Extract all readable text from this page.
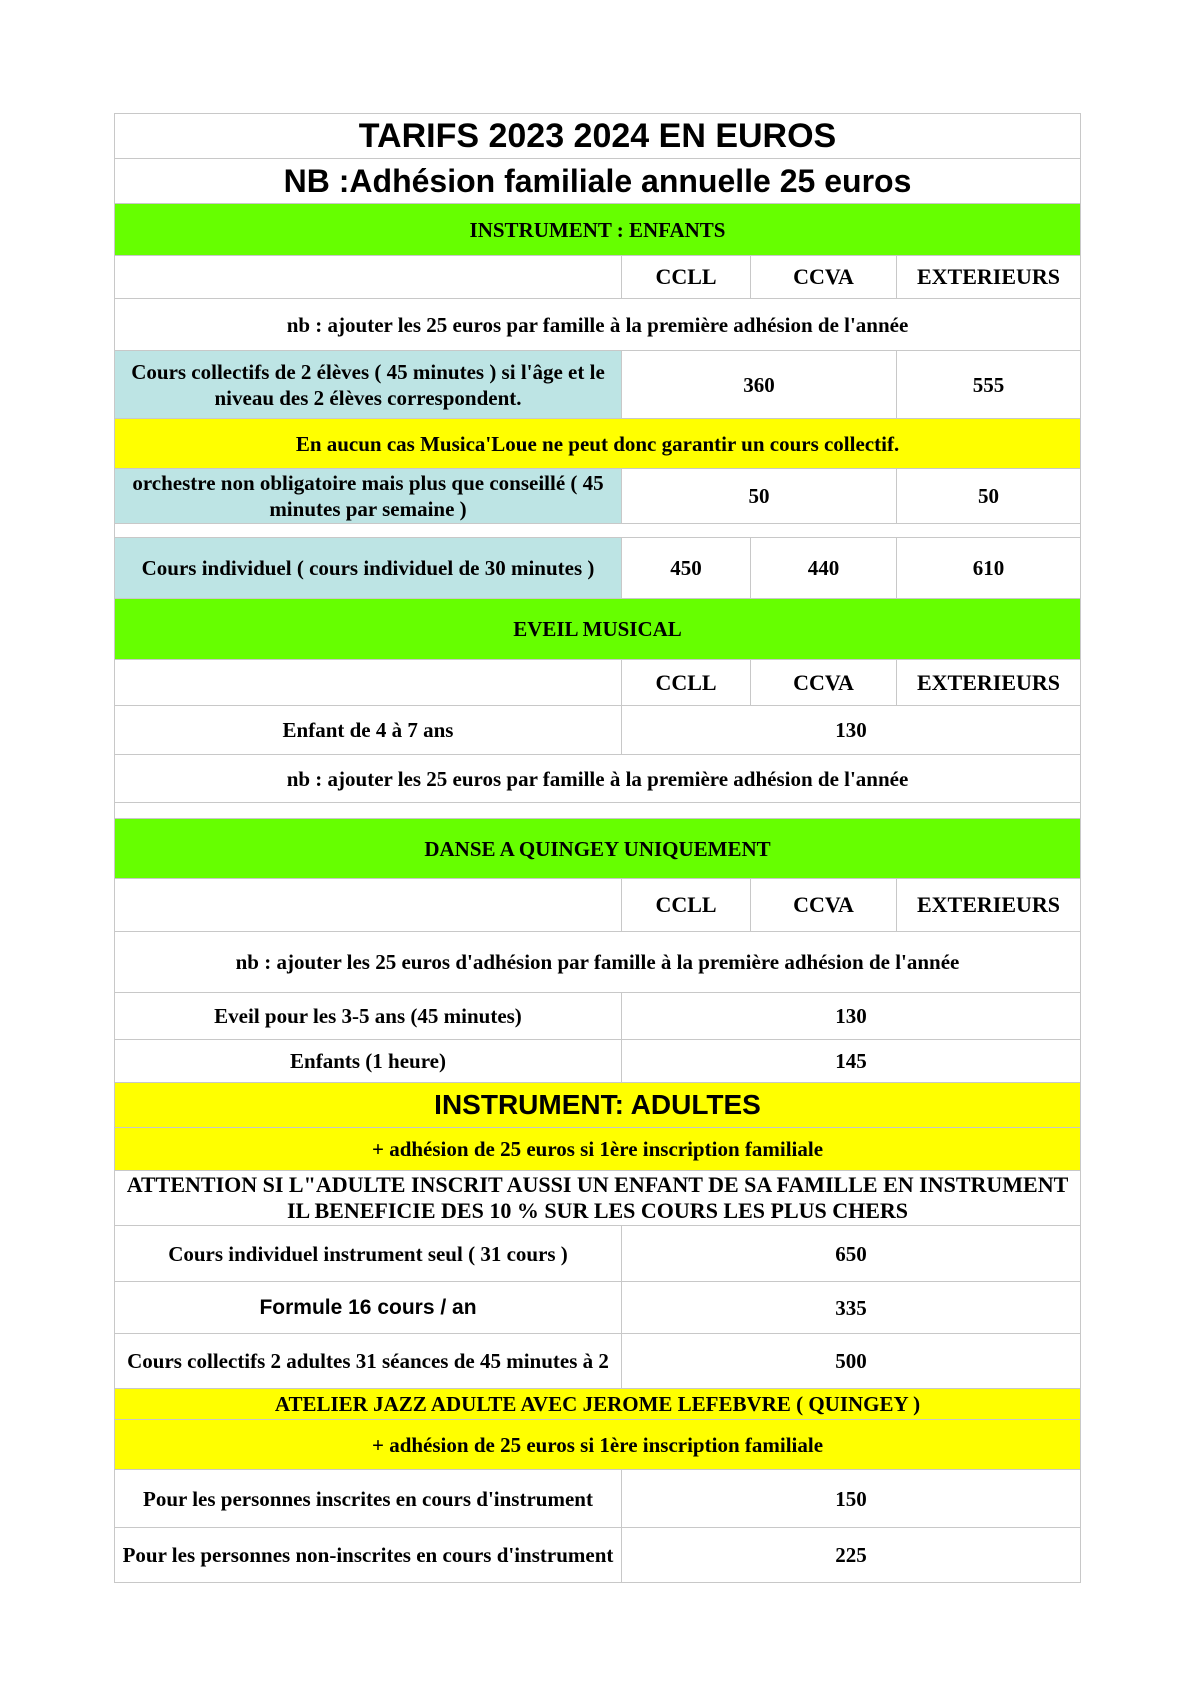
TARIFS 2023 2024 EN EUROS			
NB :Adhésion familiale annuelle 25 euros			
INSTRUMENT : ENFANTS			
	CCLL	CCVA	EXTERIEURS
nb : ajouter les 25 euros par famille à la première adhésion de l'année			
Cours collectifs de 2 élèves ( 45 minutes ) si l'âge et le niveau des 2 élèves correspondent.	360		555
En aucun cas Musica'Loue ne peut donc garantir un cours collectif.			
orchestre non obligatoire mais plus que conseillé ( 45 minutes par semaine )	50		50

Cours individuel ( cours individuel de 30 minutes )	450	440	610
EVEIL MUSICAL			
	CCLL	CCVA	EXTERIEURS
Enfant de 4 à 7 ans	130		
nb : ajouter les 25 euros par famille à la première adhésion de l'année			

DANSE A QUINGEY UNIQUEMENT			
	CCLL	CCVA	EXTERIEURS
nb : ajouter les 25 euros d'adhésion par famille à la première adhésion de l'année			
Eveil pour les 3-5 ans (45 minutes)	130		
Enfants (1 heure)	145		
INSTRUMENT: ADULTES			
+ adhésion de 25 euros si 1ère inscription familiale			
ATTENTION SI L"ADULTE INSCRIT AUSSI UN ENFANT DE SA FAMILLE EN INSTRUMENT IL BENEFICIE DES 10 % SUR LES COURS LES PLUS CHERS			
Cours individuel instrument seul ( 31 cours )	650		
Formule 16 cours / an	335		
Cours collectifs 2 adultes 31 séances de 45 minutes à 2	500		
ATELIER JAZZ ADULTE AVEC JEROME LEFEBVRE ( QUINGEY )			
+ adhésion de 25 euros si 1ère inscription familiale			
Pour les personnes inscrites en cours d'instrument	150		
Pour les personnes non-inscrites en cours d'instrument	225		
